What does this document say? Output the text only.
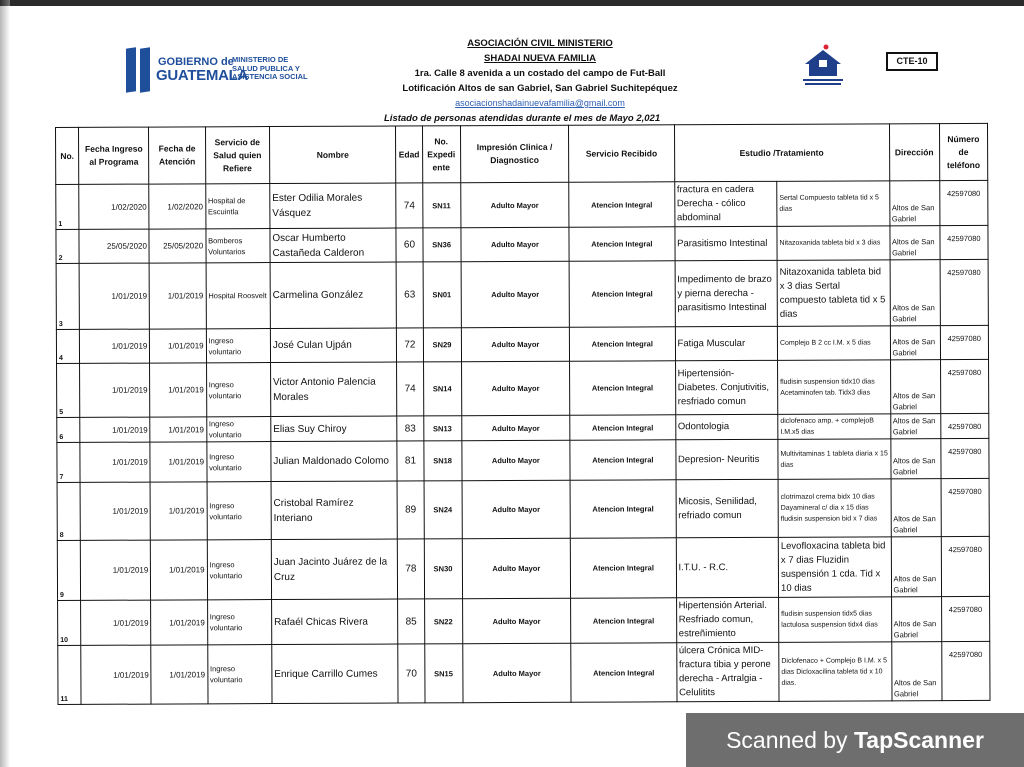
GOBIERNO de
GUATEMALA
MINISTERIO DE SALUD PUBLICA Y ASISTENCIA SOCIAL
ASOCIACIÓN CIVIL MINISTERIO
SHADAI NUEVA FAMILIA
1ra. Calle 8 avenida a un costado del campo de Fut-Ball
Lotificación Altos de san Gabriel, San Gabriel Suchitepéquez
asociacionshadainuevafamilia@gmail.com
Listado de personas atendidas durante el mes de Mayo 2,021
CTE-10
No.	Fecha Ingreso al Programa	Fecha de Atención	Servicio de Salud quien Refiere	Nombre	Edad	No. Expedi ente	Impresión Clinica / Diagnostico	Servicio Recibido	Estudio /Tratamiento		Dirección	Número de teléfono
1	1/02/2020	1/02/2020	Hospital de Escuintla	Ester Odilia Morales Vásquez	74	SN11	Adulto Mayor	Atencion Integral	fractura en cadera Derecha - cólico abdominal	Sertal Compuesto tableta tid x 5 dias	Altos de San Gabriel	42597080
2	25/05/2020	25/05/2020	Bomberos Voluntarios	Oscar Humberto Castañeda Calderon	60	SN36	Adulto Mayor	Atencion Integral	Parasitismo Intestinal	Nitazoxanida tableta bid x 3 dias	Altos de San Gabriel	42597080
3	1/01/2019	1/01/2019	Hospital Roosvelt	Carmelina González	63	SN01	Adulto Mayor	Atencion Integral	Impedimento de brazo y pierna derecha - parasitismo Intestinal	Nitazoxanida tableta bid x 3 dias Sertal compuesto tableta tid x 5 dias	Altos de San Gabriel	42597080
4	1/01/2019	1/01/2019	Ingreso voluntario	José Culan Ujpán	72	SN29	Adulto Mayor	Atencion Integral	Fatiga Muscular	Complejo B 2 cc I.M. x 5 dias	Altos de San Gabriel	42597080
5	1/01/2019	1/01/2019	Ingreso voluntario	Victor Antonio Palencia Morales	74	SN14	Adulto Mayor	Atencion Integral	Hipertensión- Diabetes. Conjutivitis, resfriado comun	fludisin suspension tidx10 dias Acetaminofen tab. Tidx3 dias	Altos de San Gabriel	42597080
6	1/01/2019	1/01/2019	Ingreso voluntario	Elias Suy Chiroy	83	SN13	Adulto Mayor	Atencion Integral	Odontologia	diclofenaco amp. + complejoB I.M.x5 dias	Altos de San Gabriel	42597080
7	1/01/2019	1/01/2019	Ingreso voluntario	Julian Maldonado Colomo	81	SN18	Adulto Mayor	Atencion Integral	Depresion- Neuritis	Multivitaminas 1 tableta diaria x 15 dias	Altos de San Gabriel	42597080
8	1/01/2019	1/01/2019	Ingreso voluntario	Cristobal Ramírez Interiano	89	SN24	Adulto Mayor	Atencion Integral	Micosis, Senilidad, refriado comun	clotrimazol crema bidx 10 dias Dayamineral c/ dia x 15 dias fludisin suspension bid x 7 dias	Altos de San Gabriel	42597080
9	1/01/2019	1/01/2019	Ingreso voluntario	Juan Jacinto Juárez de la Cruz	78	SN30	Adulto Mayor	Atencion Integral	I.T.U. - R.C.	Levofloxacina tableta bid x 7 dias Fluzidin suspensión 1 cda. Tid x 10 dias	Altos de San Gabriel	42597080
10	1/01/2019	1/01/2019	Ingreso voluntario	Rafaél Chicas Rivera	85	SN22	Adulto Mayor	Atencion Integral	Hipertensión Arterial. Resfriado comun, estreñimiento	fludisin suspension tidx5 dias lactulosa suspension tidx4 dias	Altos de San Gabriel	42597080
11	1/01/2019	1/01/2019	Ingreso voluntario	Enrique Carrillo Cumes	70	SN15	Adulto Mayor	Atencion Integral	úlcera Crónica MID- fractura tibia y perone derecha - Artralgia - Celulitits	Diclofenaco + Complejo B I.M. x 5 dias Dicloxacilina tableta tid x 10 dias.	Altos de San Gabriel	42597080
Scanned by TapScanner
